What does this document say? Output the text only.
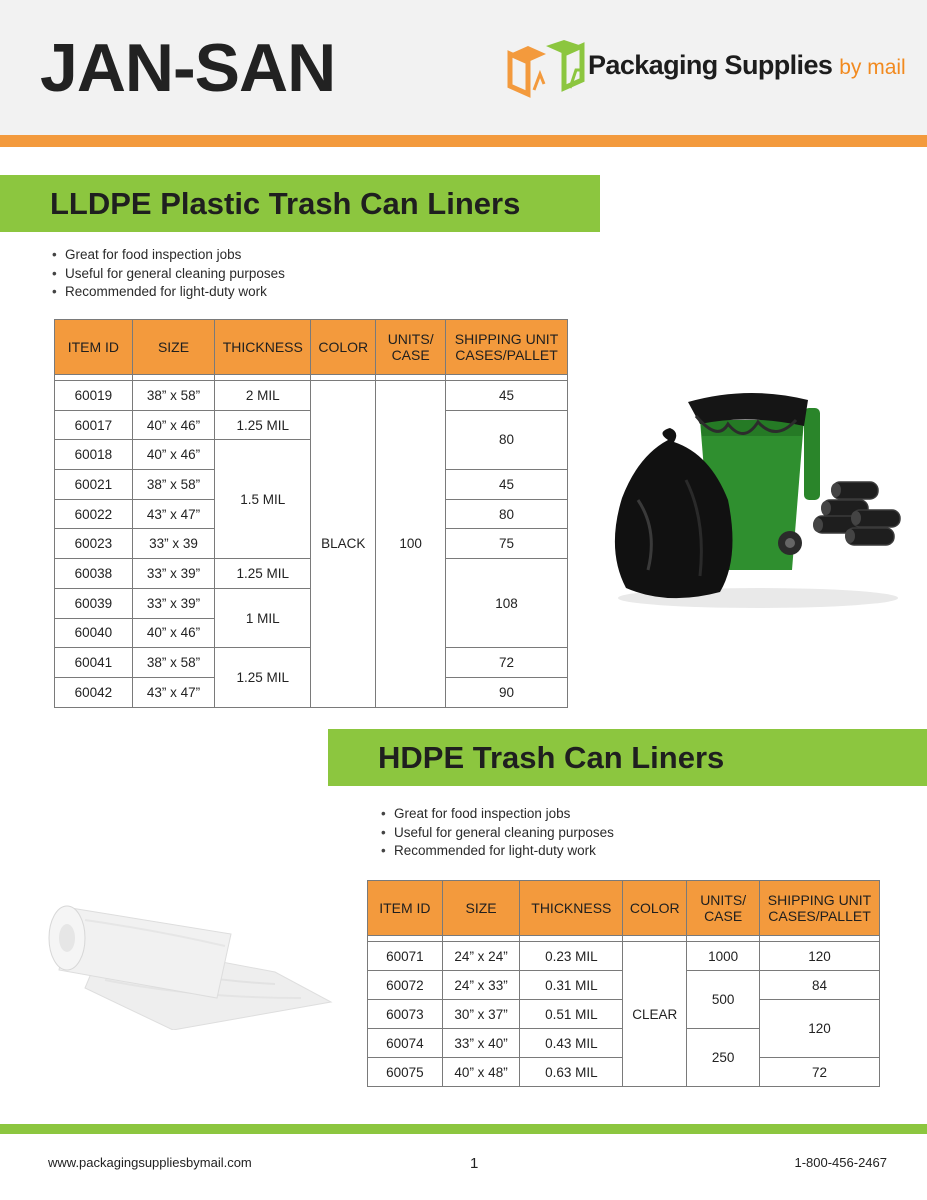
JAN-SAN	Packaging Supplies by mail
LLDPE Plastic Trash Can Liners
• Great for food inspection jobs
• Useful for general cleaning purposes
• Recommended for light-duty work
ITEM ID	SIZE	THICKNESS	COLOR	UNITS/ CASE	SHIPPING UNIT CASES/PALLET

60019	38” x 58”	2 MIL	BLACK	100	45
60017	40” x 46”	1.25 MIL			80
60018	40” x 46”	1.5 MIL			
60021	38” x 58”				45
60022	43” x 47”				80
60023	33” x 39				75
60038	33” x 39”	1.25 MIL			108
60039	33” x 39”	1 MIL			
60040	40” x 46”				
60041	38” x 58”	1.25 MIL			72
60042	43” x 47”				90
HDPE Trash Can Liners
• Great for food inspection jobs
• Useful for general cleaning purposes
• Recommended for light-duty work
ITEM ID	SIZE	THICKNESS	COLOR	UNITS/ CASE	SHIPPING UNIT CASES/PALLET

60071	24” x 24”	0.23 MIL	CLEAR	1000	120
60072	24” x 33”	0.31 MIL		500	84
60073	30” x 37”	0.51 MIL			120
60074	33” x 40”	0.43 MIL		250	
60075	40” x 48”	0.63 MIL			72
www.packagingsuppliesbymail.com	1	1-800-456-2467
